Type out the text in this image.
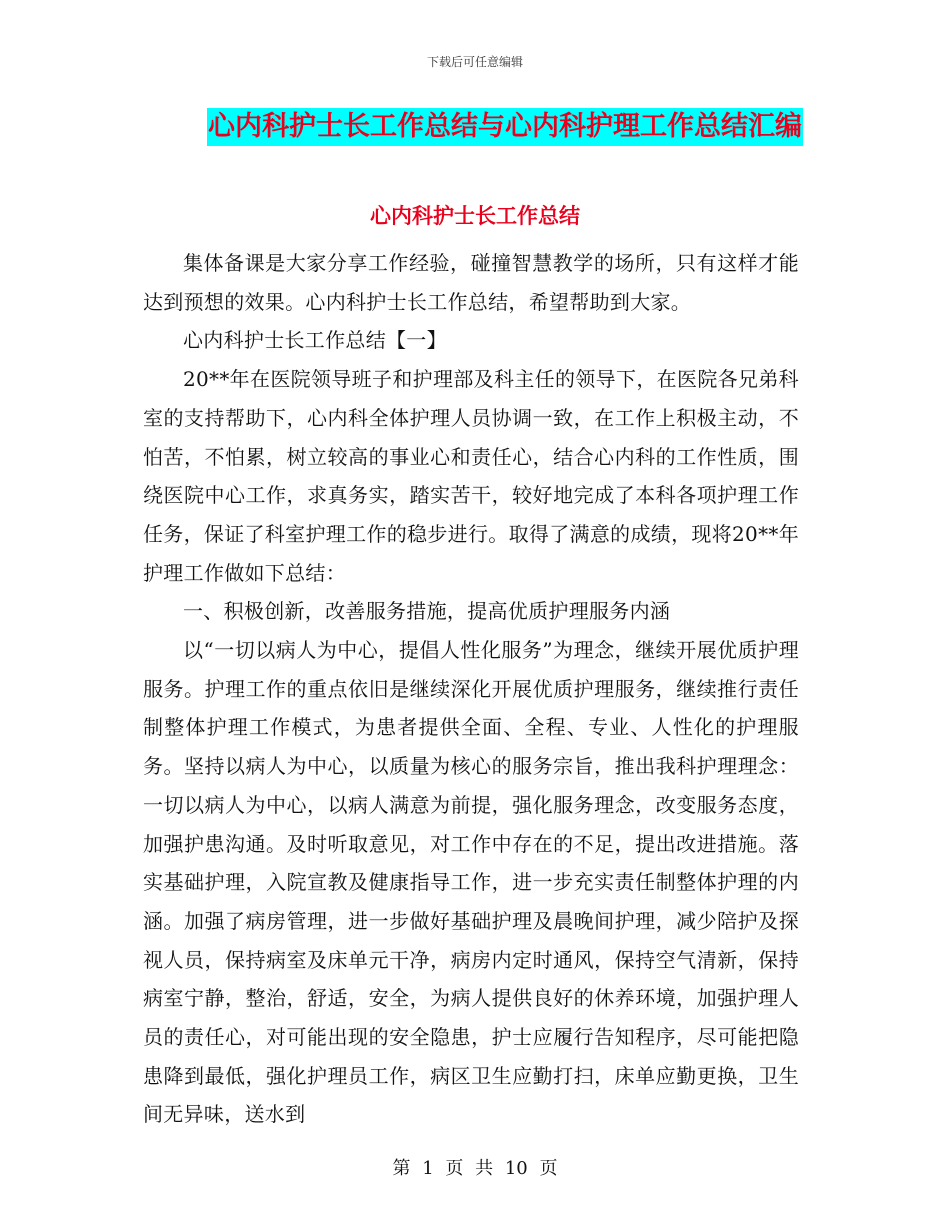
下载后可任意编辑
心内科护士长工作总结与心内科护理工作总结汇编
心内科护士长工作总结

集体备课是大家分享工作经验，碰撞智慧教学的场所，只有这样才能达到预想的效果。心内科护士长工作总结，希望帮助到大家。

心内科护士长工作总结【一】

20**年在医院领导班子和护理部及科主任的领导下，在医院各兄弟科室的支持帮助下，心内科全体护理人员协调一致，在工作上积极主动，不怕苦，不怕累，树立较高的事业心和责任心，结合心内科的工作性质，围绕医院中心工作，求真务实，踏实苦干，较好地完成了本科各项护理工作任务，保证了科室护理工作的稳步进行。取得了满意的成绩，现将20**年护理工作做如下总结：

一、积极创新，改善服务措施，提高优质护理服务内涵

以“一切以病人为中心，提倡人性化服务”为理念，继续开展优质护理服务。护理工作的重点依旧是继续深化开展优质护理服务，继续推行责任制整体护理工作模式，为患者提供全面、全程、专业、人性化的护理服务。坚持以病人为中心，以质量为核心的服务宗旨，推出我科护理理念：一切以病人为中心，以病人满意为前提，强化服务理念，改变服务态度，加强护患沟通。及时听取意见，对工作中存在的不足，提出改进措施。落实基础护理，入院宣教及健康指导工作，进一步充实责任制整体护理的内涵。加强了病房管理，进一步做好基础护理及晨晚间护理，减少陪护及探视人员，保持病室及床单元干净，病房内定时通风，保持空气清新，保持病室宁静，整治，舒适，安全，为病人提供良好的休养环境，加强护理人员的责任心，对可能出现的安全隐患，护士应履行告知程序，尽可能把隐患降到最低，强化护理员工作，病区卫生应勤打扫，床单应勤更换，卫生间无异味，送水到

第 1 页 共 10 页
